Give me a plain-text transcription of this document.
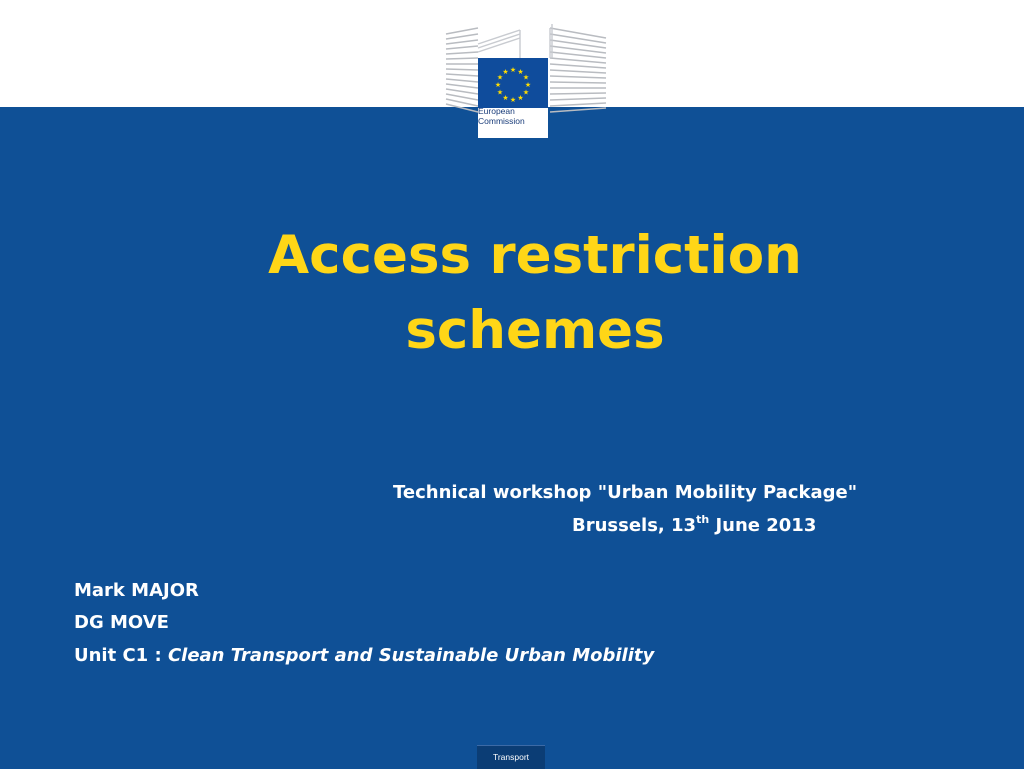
★ ★
★
★
★
★
★
★
★
★
★
★
European
Commission
Access restriction
schemes
Technical workshop "Urban Mobility Package"
Brussels, 13th June 2013
Mark MAJOR
DG MOVE
Unit C1 : Clean Transport and Sustainable Urban Mobility
Transport
